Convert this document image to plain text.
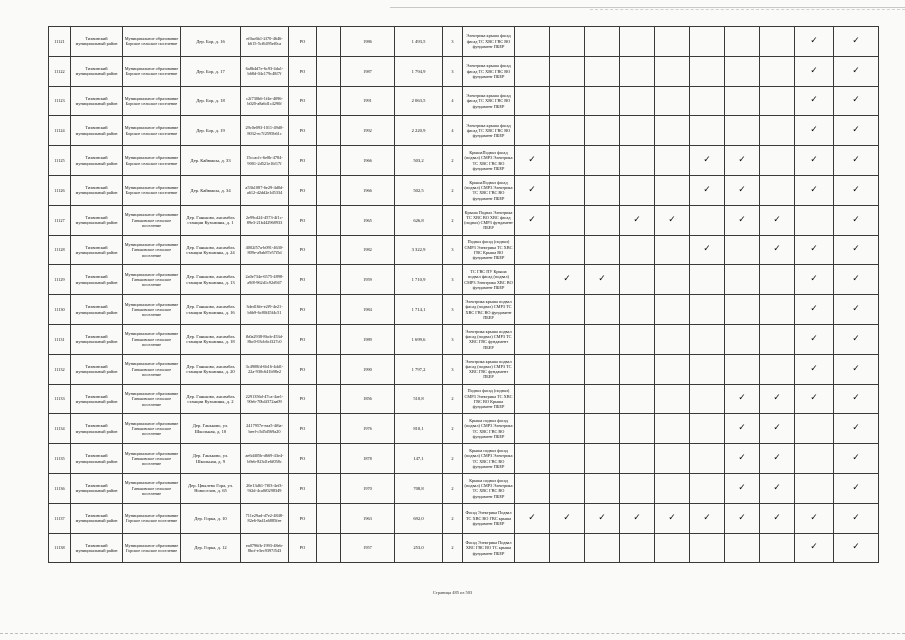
11121	Тихвинский муниципальный район	Муниципальное образование Борское сельское поселение	Дер. Бор, д. 16	ef0ac6b1-2f70-4646-b615-5cf6495ef0ca	РО		1986	1 493,5	3	Электрика крыша фасад фасад ТС ХВС ГВС ВО фундамент ПБЕР									✓	✓
11122	Тихвинский муниципальный район	Муниципальное образование Борское сельское поселение	Дер. Бор, д. 17	6a8b4d7e-6c93-4da1-b68d-04c179c48f7f	РО		1987	1 794,9	3	Электрика крыша фасад фасад ТС ХВС ГВС ВО фундамент ПБЕР									✓	✓
11123	Тихвинский муниципальный район	Муниципальное образование Борское сельское поселение	Дер. Бор, д. 18	c2f730b6-1f4e-4096-b020-a8a6d1c4290f	РО		1991	2 063,5	4	Электрика крыша фасад фасад ТС ХВС ГВС ВО фундамент ПБЕР									✓	✓
11124	Тихвинский муниципальный район	Муниципальное образование Борское сельское поселение	Дер. Бор, д. 19	29c0e093-1011-49d0-8032-ec7f2595b61c	РО		1992	2 220,9	4	Электрика крыша фасад фасад ТС ХВС ГВС ВО фундамент ПБЕР									✓	✓
11125	Тихвинский муниципальный район	Муниципальное образование Борское сельское поселение	Дер. Кайваксы, д. 33	15ccacfc-6e0b-4784-9001-2d521e16f17f	РО		1966	503,2	2	КрышаПодвал фасад (подвал) СМР3 Электрика ТС ХВС ГВС ВО фундамент ПБЕР	✓					✓	✓		✓	✓
11126	Тихвинский муниципальный район	Муниципальное образование Борское сельское поселение	Дер. Кайваксы, д. 34	a53b1087-6e29-4d0d-a612-d2dd2e1d5334	РО		1966	502,5	2	КрышаПодвал фасад (подвал) СМР3 Электрика ТС ХВС ГВС ВО фундамент ПБЕР	✓					✓	✓		✓	✓
11127	Тихвинский муниципальный район	Муниципальное образование Ганьковское сельское поселение	Дер. Ганьково, ансамбль станции Кузьмины, д. 1	2e99cd24-4573-4f1c-89e3-21b442968933	РО		1965	626,8	2	Крыша Подвал Электрика ТС ХВС ВО ХВС фасад (подвал) СМР3 фундамент ПБЕР	✓			✓	✓		✓	✓		✓
11128	Тихвинский муниципальный район	Муниципальное образование Ганьковское сельское поселение	Дер. Ганьково, ансамбль станции Кузьмины, д. 24	4002f57a-b091-4630-809e-a9ab87e57f5d	РО		1982	3 322,9	3	Подвал фасад (подвал) СМР3 Электрика ТС ХВС ГВС Крыша ВО фундамент ПБЕР						✓		✓	✓	✓
11129	Тихвинский муниципальный район	Муниципальное образование Ганьковское сельское поселение	Дер. Ганьково, ансамбль станции Кузьмины, д. 13	2a0e734e-6575-4898-a9f8-962d1c92d947	РО		1959	1 710,9	3	ТС ГВС ПУ Крыша подвал фасад (подвал) СМР3 Электрика ХВС ВО фундамент ПБЕР		✓	✓						✓	✓
11130	Тихвинский муниципальный район	Муниципальное образование Ганьковское сельское поселение	Дер. Ганьково, ансамбль станции Кузьмины, д. 16	3ded16fe-e2f9-4e21-b6b9-6c80f45f4c51	РО		1984	1 714,1	3	Электрика крыша подвал фасад (подвал) СМР3 ТС ХВС ГВС ВО фундамент ПБЕР									✓	✓
11131	Тихвинский муниципальный район	Муниципальное образование Ганьковское сельское поселение	Дер. Ганьково, ансамбль станции Кузьмины, д. 18	fb0a2938-8bcb-453d-8bc0-03cb6cf327c0	РО		1989	1 699,6	3	Электрика крыша подвал фасад (подвал) СМР3 ТС ХВС ГВС фундамент ПБЕР									✓	✓
11132	Тихвинский муниципальный район	Муниципальное образование Ганьковское сельское поселение	Дер. Ганьково, ансамбль станции Кузьмины, д. 20	3c4908fd-6b16-4dd1-22a-930c641b98e2	РО		1990	1 797,2	3	Электрика крыша подвал фасад (подвал) СМР3 ТС ХВС ГВС фундамент ПБЕР									✓	✓
11133	Тихвинский муниципальный район	Муниципальное образование Ганьковское сельское поселение	Дер. Ганьково, ансамбль станции Кузьмины, д. 2	2291356d-47ca-4ae1-90eb-70b4f372aa09	РО		1856	510,8	2	Подвал фасад (подвал) СМР3 Электрика ТС ХВС ГВС ВО Крыша фундамент ПБЕР							✓	✓	✓	✓
11134	Тихвинский муниципальный район	Муниципальное образование Ганьковское сельское поселение	Дер. Ганьково, ул. Школьная, д. 10	2417957e-eaa5-4f6a-beef-c5d5d569a20	РО		1976	810,1	2	Крыша подвал фасад (подвал) СМР3 Электрика ТС ХВС ГВС ВО фундамент ПБЕР							✓	✓		✓
11135	Тихвинский муниципальный район	Муниципальное образование Ганьковское сельское поселение	Дер. Ганьково, ул. Школьная, д. 9	ae6d405b-d669-43e4-b9eb-823d1e6f058c	РО		1878	147,1	2	Крыша подвал фасад (подвал) СМР3 Электрика ТС ХВС ГВС ВО фундамент ПБЕР							✓	✓		✓
11136	Тихвинский муниципальный район	Муниципальное образование Ганьковское сельское поселение	Дер. Цвылево Гора, ул. Новоселов, д. 65	20e13d61-7f03-4ef3-9f2d-4ca0f0298349	РО		1970	708,8	2	Крыша подвал фасад (подвал) СМР3 Электрика ТС ХВС ГВС ВО фундамент ПБЕР							✓	✓		✓
11137	Тихвинский муниципальный район	Муниципальное образование Горское сельское поселение	Дер. Горка, д. 10	711e29ad-d7e2-4848-82e6-8a41a6885fee	РО		1963	692,0	2	Фасад Электрика Подвал ТС ХВС ВО ГВС крыша фундамент ПБЕР	✓	✓	✓	✓	✓	✓	✓	✓	✓	✓
11138	Тихвинский муниципальный район	Муниципальное образование Горское сельское поселение	Дер. Горка, д. 12	ea0796fb-1993-48eb-8bcf-e3ec9397f543	РО		1957	253,0	2	Фасад Электрика Подвал ХВС ГВС ВО ТС крыша фундамент ПБЕР									✓	✓
Страница 485 из 503
